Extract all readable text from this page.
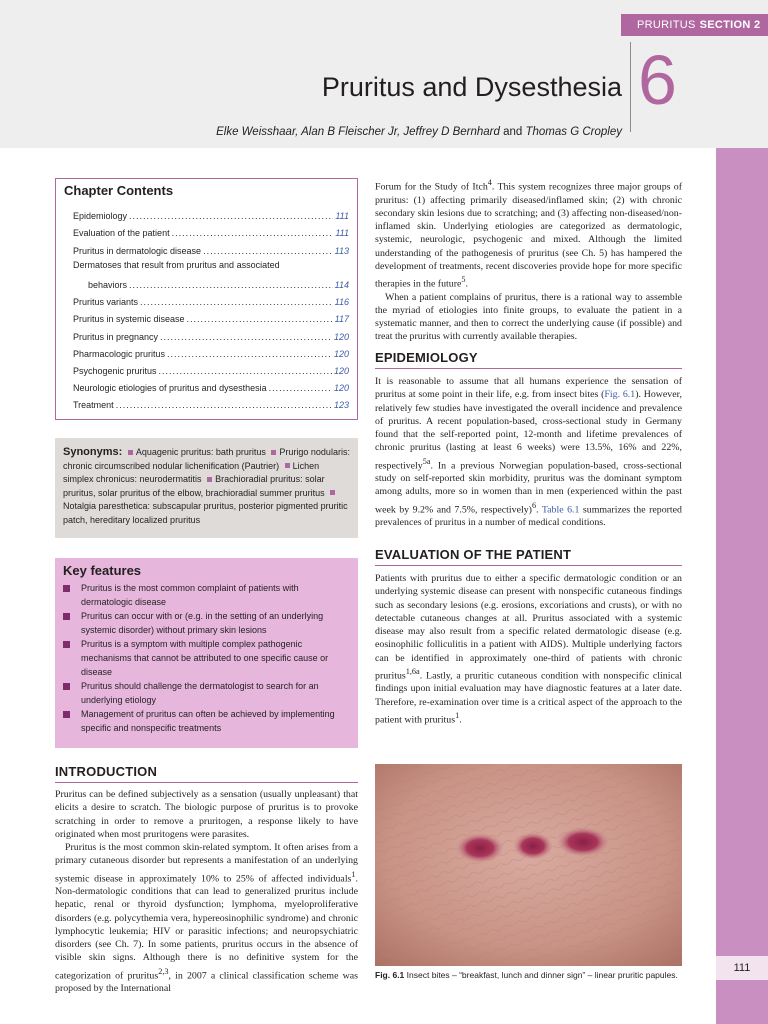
PRURITUS SECTION 2
Pruritus and Dysesthesia 6
Elke Weisshaar, Alan B Fleischer Jr, Jeffrey D Bernhard and Thomas G Cropley
111
Chapter Contents
Epidemiology .....	111
Evaluation of the patient .....	111
Pruritus in dermatologic disease .....	113
Dermatoses that result from pruritus and associated
behaviors .....	114
Pruritus variants .....	116
Pruritus in systemic disease .....	117
Pruritus in pregnancy .....	120
Pharmacologic pruritus .....	120
Psychogenic pruritus .....	120
Neurologic etiologies of pruritus and dysesthesia .....	120
Treatment .....	123
Synonyms: Aquagenic pruritus: bath pruritus Prurigo nodularis: chronic circumscribed nodular lichenification (Pautrier) Lichen simplex chronicus: neurodermatitis Brachioradial pruritus: solar pruritus, solar pruritus of the elbow, brachioradial summer pruritus Notalgia paresthetica: subscapular pruritus, posterior pigmented pruritic patch, hereditary localized pruritus
Key features
Pruritus is the most common complaint of patients with dermatologic disease
Pruritus can occur with or (e.g. in the setting of an underlying systemic disorder) without primary skin lesions
Pruritus is a symptom with multiple complex pathogenic mechanisms that cannot be attributed to one specific cause or disease
Pruritus should challenge the dermatologist to search for an underlying etiology
Management of pruritus can often be achieved by implementing specific and nonspecific treatments
INTRODUCTION

Pruritus can be defined subjectively as a sensation (usually unpleasant) that elicits a desire to scratch. The biologic purpose of pruritus is to provoke scratching in order to remove a pruritogen, a response likely to have originated when most pruritogens were parasites.

Pruritus is the most common skin-related symptom. It often arises from a primary cutaneous disorder but represents a manifestation of an underlying systemic disease in approximately 10% to 25% of affected individuals$^1$. Non-dermatologic conditions that can lead to generalized pruritus include hepatic, renal or thyroid dysfunction; lymphoma, myeloproliferative disorders (e.g. polycythemia vera, hypereosinophilic syndrome) and chronic lymphocytic leukemia; HIV or parasitic infections; and neuropsychiatric disorders (see Ch. 7). In some patients, pruritus occurs in the absence of visible skin signs. Although there is no definitive system for the categorization of pruritus$^{2,3}$, in 2007 a clinical classification scheme was proposed by the International

Forum for the Study of Itch$^4$. This system recognizes three major groups of pruritus: (1) affecting primarily diseased/inflamed skin; (2) with chronic secondary skin lesions due to scratching; and (3) affecting non-diseased/non-inflamed skin. Underlying etiologies are categorized as dermatologic, systemic, neurologic, psychogenic and mixed. Although the limited understanding of the pathogenesis of pruritus (see Ch. 5) has hampered the development of treatments, recent discoveries provide hope for more specific therapies in the future$^5$.

When a patient complains of pruritus, there is a rational way to assemble the myriad of etiologies into finite groups, to evaluate the patient in a systematic manner, and then to correct the underlying cause (if possible) and treat the pruritus with currently available therapies.

EPIDEMIOLOGY

It is reasonable to assume that all humans experience the sensation of pruritus at some point in their life, e.g. from insect bites (Fig. 6.1). However, relatively few studies have investigated the overall incidence and prevalence of pruritus. A recent population-based, cross-sectional study in Germany found that the self-reported point, 12-month and lifetime prevalences of chronic pruritus (lasting at least 6 weeks) were 13.5%, 16% and 22%, respectively$^{5a}$. In a previous Norwegian population-based, cross-sectional study on self-reported skin morbidity, pruritus was the dominant symptom among adults, more so in women than in men (experienced within the past week by 9.2% and 7.5%, respectively)$^6$. Table 6.1 summarizes the reported prevalences of pruritus in a number of medical conditions.

EVALUATION OF THE PATIENT

Patients with pruritus due to either a specific dermatologic condition or an underlying systemic disease can present with nonspecific cutaneous findings such as secondary lesions (e.g. erosions, excoriations and crusts), or with no detectable cutaneous changes at all. Pruritus associated with a systemic disease may also result from a specific related dermatologic disease (e.g. eosinophilic folliculitis in a patient with AIDS). Multiple underlying factors can be identified in approximately one-third of patients with chronic pruritus$^{1,6a}$. Lastly, a pruritic cutaneous condition with nonspecific clinical findings upon initial evaluation may have diagnostic features at a later date. Therefore, re-examination over time is a critical aspect of the approach to the patient with pruritus$^1$.

Fig. 6.1 Insect bites – “breakfast, lunch and dinner sign” – linear pruritic papules.
